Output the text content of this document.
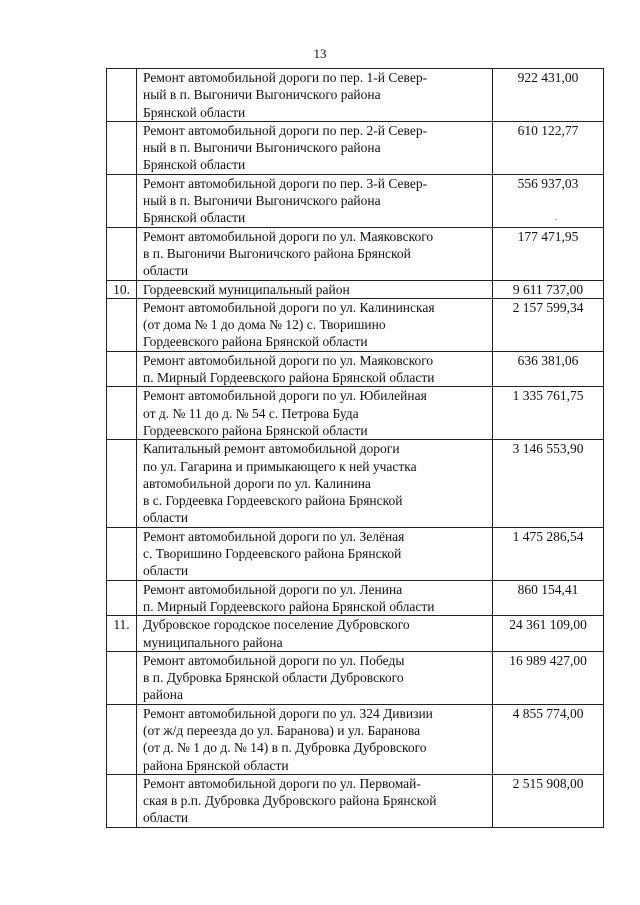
13

	Ремонт автомобильной дороги по пер. 1-й Север-
ный в п. Выгоничи Выгоничского района
Брянской области	922 431,00

	Ремонт автомобильной дороги по пер. 2-й Север-
ный в п. Выгоничи Выгоничского района
Брянской области	610 122,77

	Ремонт автомобильной дороги по пер. 3-й Север-
ный в п. Выгоничи Выгоничского района
Брянской области	556 937,03

	Ремонт автомобильной дороги по ул. Маяковского
в п. Выгоничи Выгоничского района Брянской
области	177 471,95
10.	Гордеевский муниципальный район	9 611 737,00

	Ремонт автомобильной дороги по ул. Калининская
(от дома № 1 до дома № 12) с. Творишино
Гордеевского района Брянской области	2 157 599,34

	Ремонт автомобильной дороги по ул. Маяковского
п. Мирный Гордеевского района Брянской области	636 381,06

	Ремонт автомобильной дороги по ул. Юбилейная
от д. № 11 до д. № 54 с. Петрова Буда
Гордеевского района Брянской области	1 335 761,75

	Капитальный ремонт автомобильной дороги
по ул. Гагарина и примыкающего к ней участка
автомобильной дороги по ул. Калинина
в с. Гордеевка Гордеевского района Брянской
области	3 146 553,90

	Ремонт автомобильной дороги по ул. Зелёная
с. Творишино Гордеевского района Брянской
области	1 475 286,54

	Ремонт автомобильной дороги по ул. Ленина
п. Мирный Гордеевского района Брянской области	860 154,41
11.	Дубровское городское поселение Дубровского
муниципального района	24 361 109,00

	Ремонт автомобильной дороги по ул. Победы
в п. Дубровка Брянской области Дубровского
района	16 989 427,00

	Ремонт автомобильной дороги по ул. 324 Дивизии
(от ж/д переезда до ул. Баранова) и ул. Баранова
(от д. № 1 до д. № 14) в п. Дубровка Дубровского
района Брянской области	4 855 774,00

	Ремонт автомобильной дороги по ул. Первомай-
ская в р.п. Дубровка Дубровского района Брянской
области	2 515 908,00
ˇ
